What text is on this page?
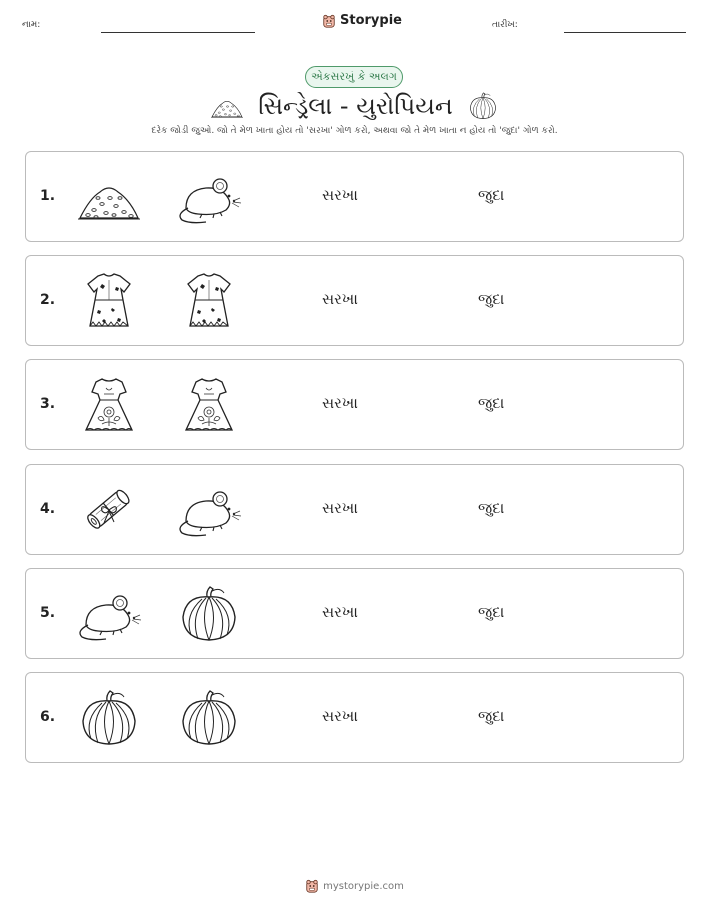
નામ:	Storypie	તારીખ:
એકસરખું કે અલગ
સિન્ડ્રેલા - યુરોપિયન
દરેક જોડી જુઓ. જો તે મેળ ખાતા હોય તો 'સરખા' ગોળ કરો, અથવા જો તે મેળ ખાતા ન હોય તો 'જુદા' ગોળ કરો.
1.	સરખા	જુદા
2.	સરખા	જુદા
3.	સરખા	જુદા
4.	સરખા	જુદા
5.	સરખા	જુદા
6.	સરખા	જુદા
mystorypie.com
